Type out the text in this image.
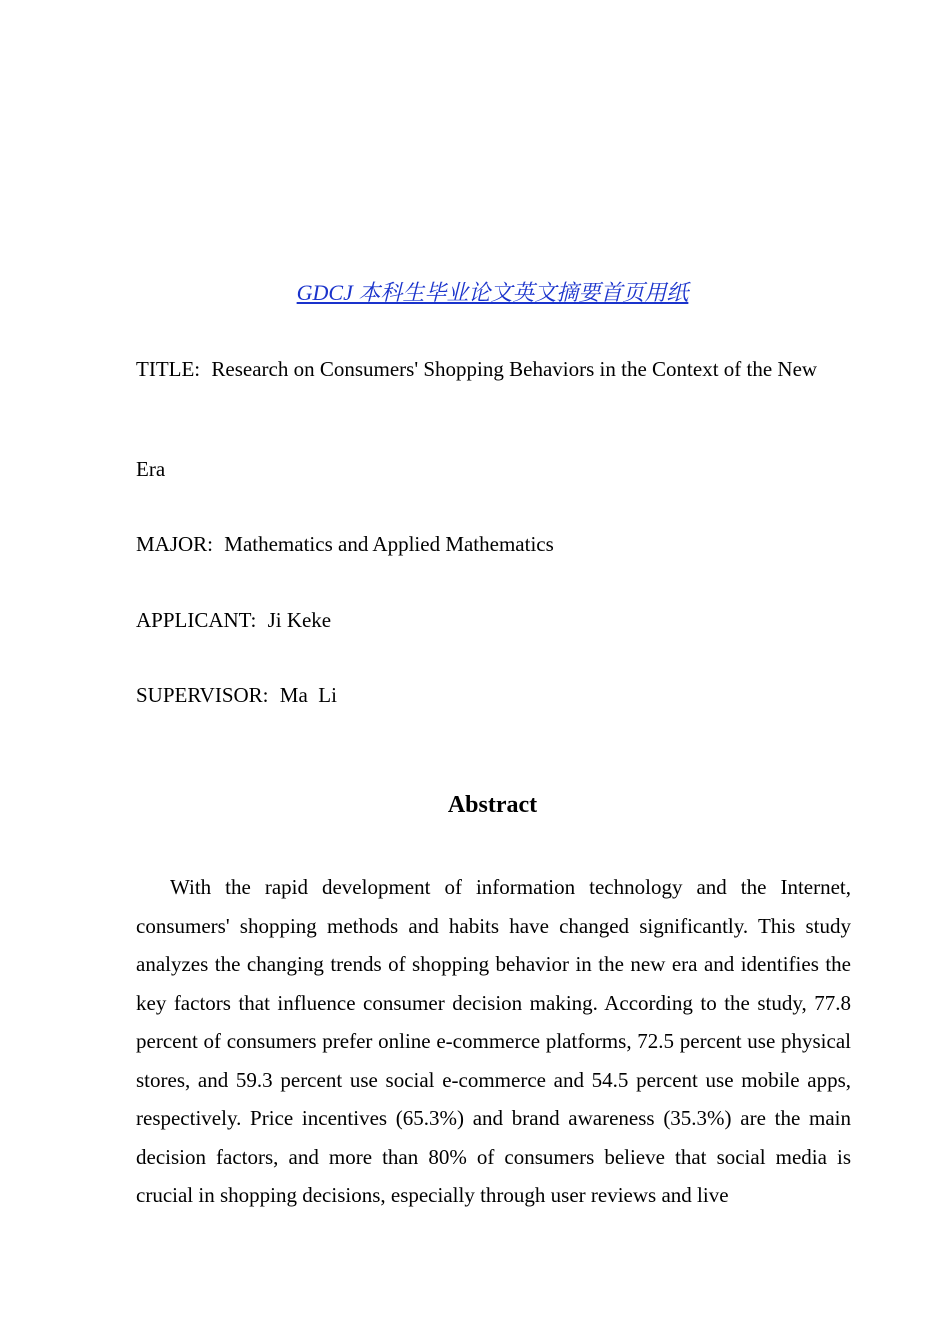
GDCJ 本科生毕业论文英文摘要首页用纸
TITLE: Research on Consumers' Shopping Behaviors in the Context of the New
Era
MAJOR: Mathematics and Applied Mathematics
APPLICANT: Ji Keke
SUPERVISOR: Ma  Li
Abstract

With the rapid development of information technology and the Internet, consumers' shopping methods and habits have changed significantly. This study analyzes the changing trends of shopping behavior in the new era and identifies the key factors that influence consumer decision making. According to the study, 77.8 percent of consumers prefer online e-commerce platforms, 72.5 percent use physical stores, and 59.3 percent use social e-commerce and 54.5 percent use mobile apps, respectively. Price incentives (65.3%) and brand awareness (35.3%) are the main decision factors, and more than 80% of consumers believe that social media is crucial in shopping decisions, especially through user reviews and live
